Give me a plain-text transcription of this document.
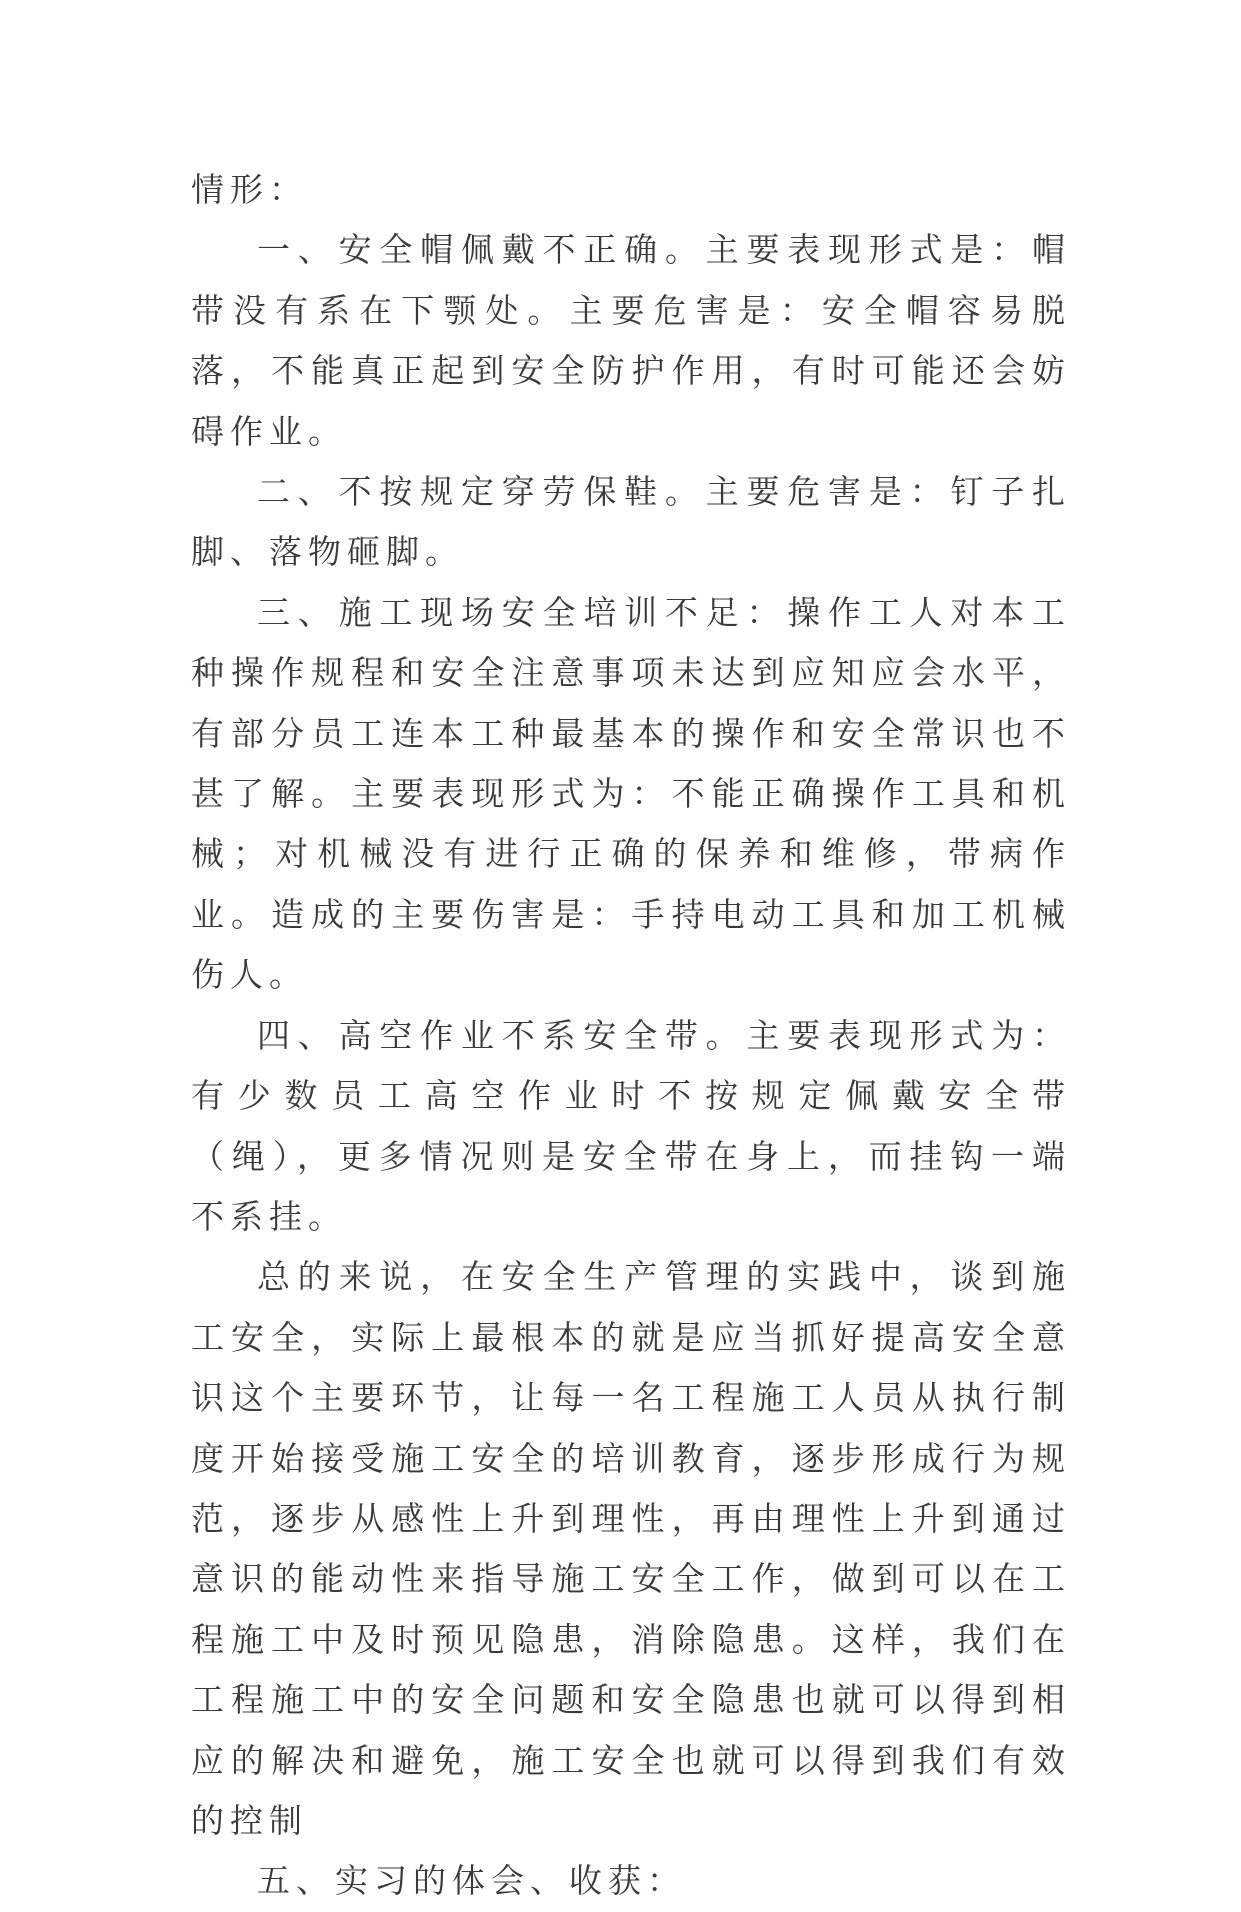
情形：

一、安全帽佩戴不正确。主要表现形式是：帽带没有系在下颚处。主要危害是：安全帽容易脱落，不能真正起到安全防护作用，有时可能还会妨碍作业。

二、不按规定穿劳保鞋。主要危害是：钉子扎脚、落物砸脚。

三、施工现场安全培训不足：操作工人对本工种操作规程和安全注意事项未达到应知应会水平，有部分员工连本工种最基本的操作和安全常识也不甚了解。主要表现形式为：不能正确操作工具和机械；对机械没有进行正确的保养和维修，带病作业。造成的主要伤害是：手持电动工具和加工机械伤人。

四、高空作业不系安全带。主要表现形式为：有少数员工高空作业时不按规定佩戴安全带（绳），更多情况则是安全带在身上，而挂钩一端不系挂。

总的来说，在安全生产管理的实践中，谈到施工安全，实际上最根本的就是应当抓好提高安全意识这个主要环节，让每一名工程施工人员从执行制度开始接受施工安全的培训教育，逐步形成行为规范，逐步从感性上升到理性，再由理性上升到通过意识的能动性来指导施工安全工作，做到可以在工程施工中及时预见隐患，消除隐患。这样，我们在工程施工中的安全问题和安全隐患也就可以得到相应的解决和避免，施工安全也就可以得到我们有效的控制

五、实习的体会、收获：
